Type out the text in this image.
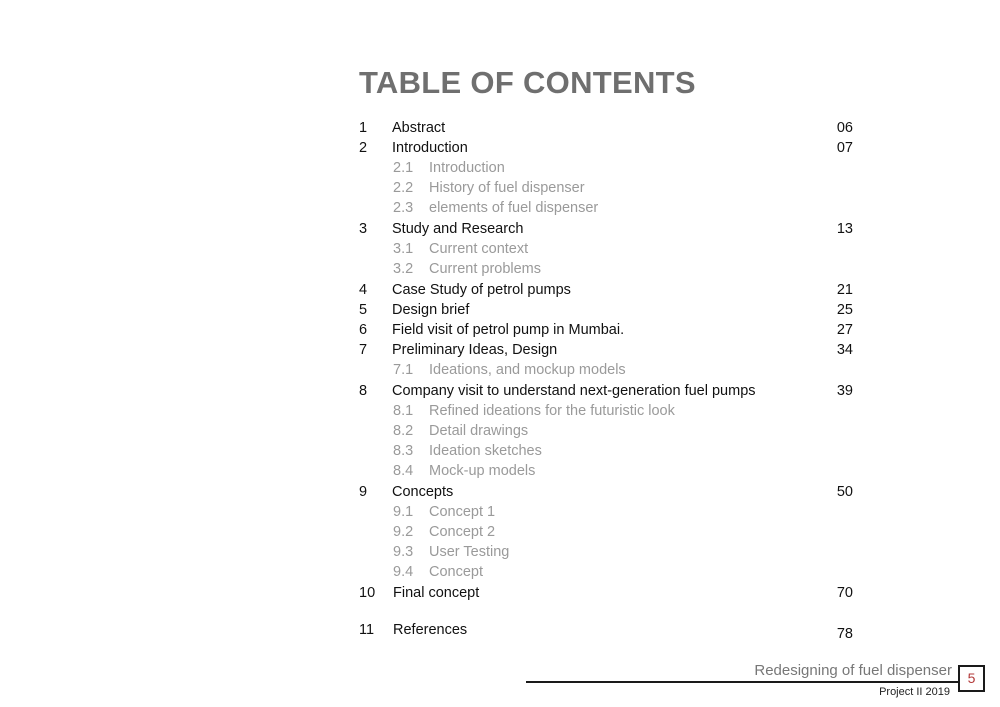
TABLE OF CONTENTS
1 Abstract	06
2 Introduction	07
2.1 Introduction
2.2 History of fuel dispenser
2.3 elements of fuel dispenser
3 Study and Research	13
3.1 Current context
3.2 Current problems
4 Case Study of petrol pumps	21
5 Design brief	25
6 Field visit of petrol pump in Mumbai.	27
7 Preliminary Ideas, Design	34
7.1 Ideations, and mockup models
8 Company visit to understand next-generation fuel pumps	39
8.1 Refined ideations for the futuristic look
8.2 Detail drawings
8.3 Ideation sketches
8.4 Mock-up models
9 Concepts	50
9.1 Concept 1
9.2 Concept 2
9.3 User Testing
9.4 Concept
10 Final concept	70
11 References	78
Redesigning of fuel dispenser
Project II 2019
5
